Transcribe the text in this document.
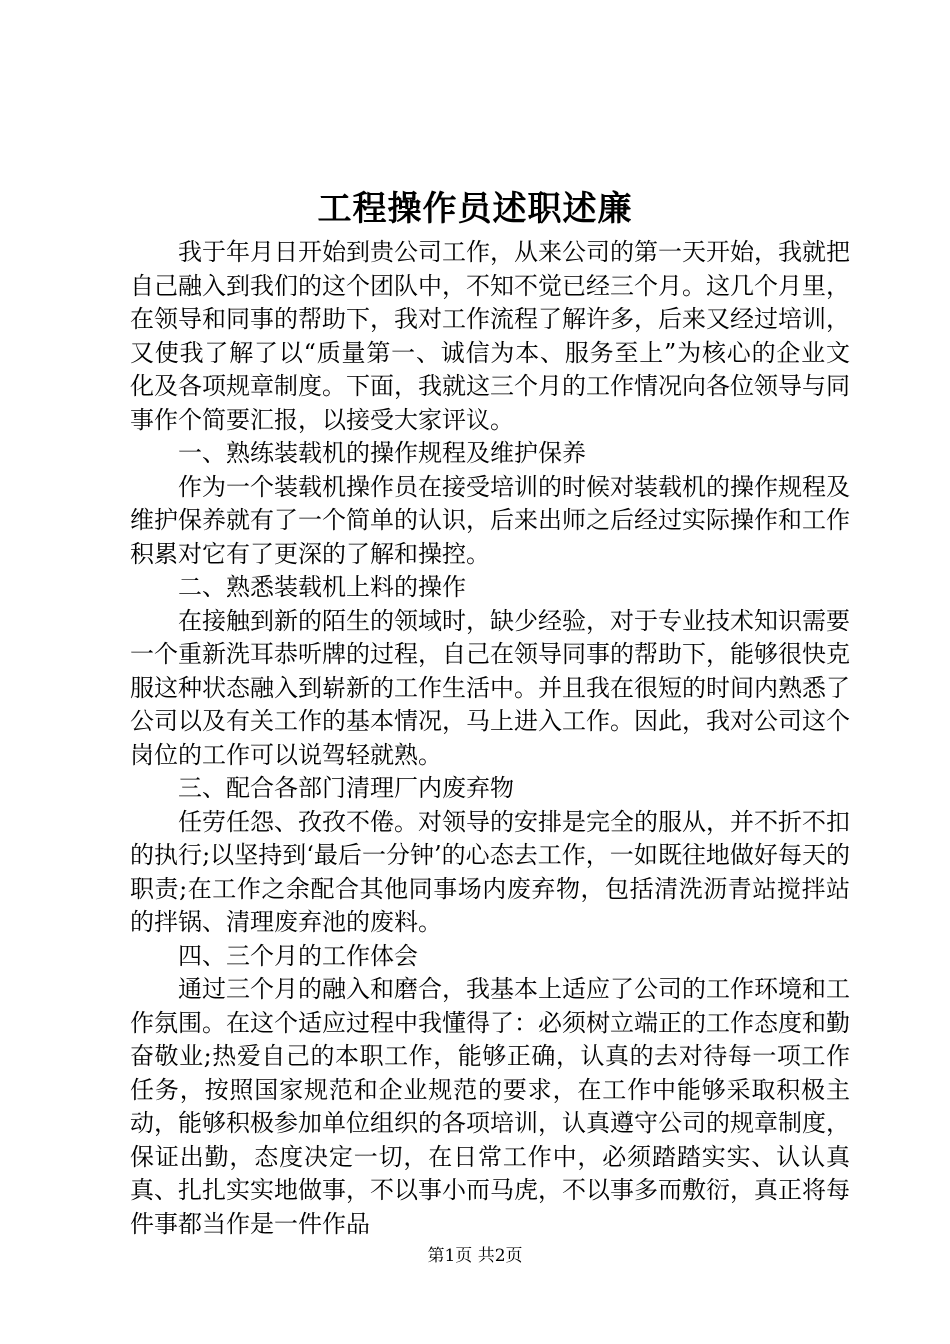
工程操作员述职述廉

我于年月日开始到贵公司工作，从来公司的第一天开始，我就把自己融入到我们的这个团队中，不知不觉已经三个月。这几个月里，在领导和同事的帮助下，我对工作流程了解许多，后来又经过培训，又使我了解了以“质量第一、诚信为本、服务至上”为核心的企业文化及各项规章制度。下面，我就这三个月的工作情况向各位领导与同事作个简要汇报，以接受大家评议。

一、熟练装载机的操作规程及维护保养

作为一个装载机操作员在接受培训的时候对装载机的操作规程及维护保养就有了一个简单的认识，后来出师之后经过实际操作和工作积累对它有了更深的了解和操控。

二、熟悉装载机上料的操作

在接触到新的陌生的领域时，缺少经验，对于专业技术知识需要一个重新洗耳恭听牌的过程，自己在领导同事的帮助下，能够很快克服这种状态融入到崭新的工作生活中。并且我在很短的时间内熟悉了公司以及有关工作的基本情况，马上进入工作。因此，我对公司这个岗位的工作可以说驾轻就熟。

三、配合各部门清理厂内废弃物

任劳任怨、孜孜不倦。对领导的安排是完全的服从，并不折不扣的执行;以坚持到‘最后一分钟’的心态去工作，一如既往地做好每天的职责;在工作之余配合其他同事场内废弃物，包括清洗沥青站搅拌站的拌锅、清理废弃池的废料。

四、三个月的工作体会

通过三个月的融入和磨合，我基本上适应了公司的工作环境和工作氛围。在这个适应过程中我懂得了：必须树立端正的工作态度和勤奋敬业;热爱自己的本职工作，能够正确，认真的去对待每一项工作任务，按照国家规范和企业规范的要求，在工作中能够采取积极主动，能够积极参加单位组织的各项培训，认真遵守公司的规章制度，保证出勤，态度决定一切，在日常工作中，必须踏踏实实、认认真真、扎扎实实地做事，不以事小而马虎，不以事多而敷衍，真正将每件事都当作是一件作品

第1页 共2页
